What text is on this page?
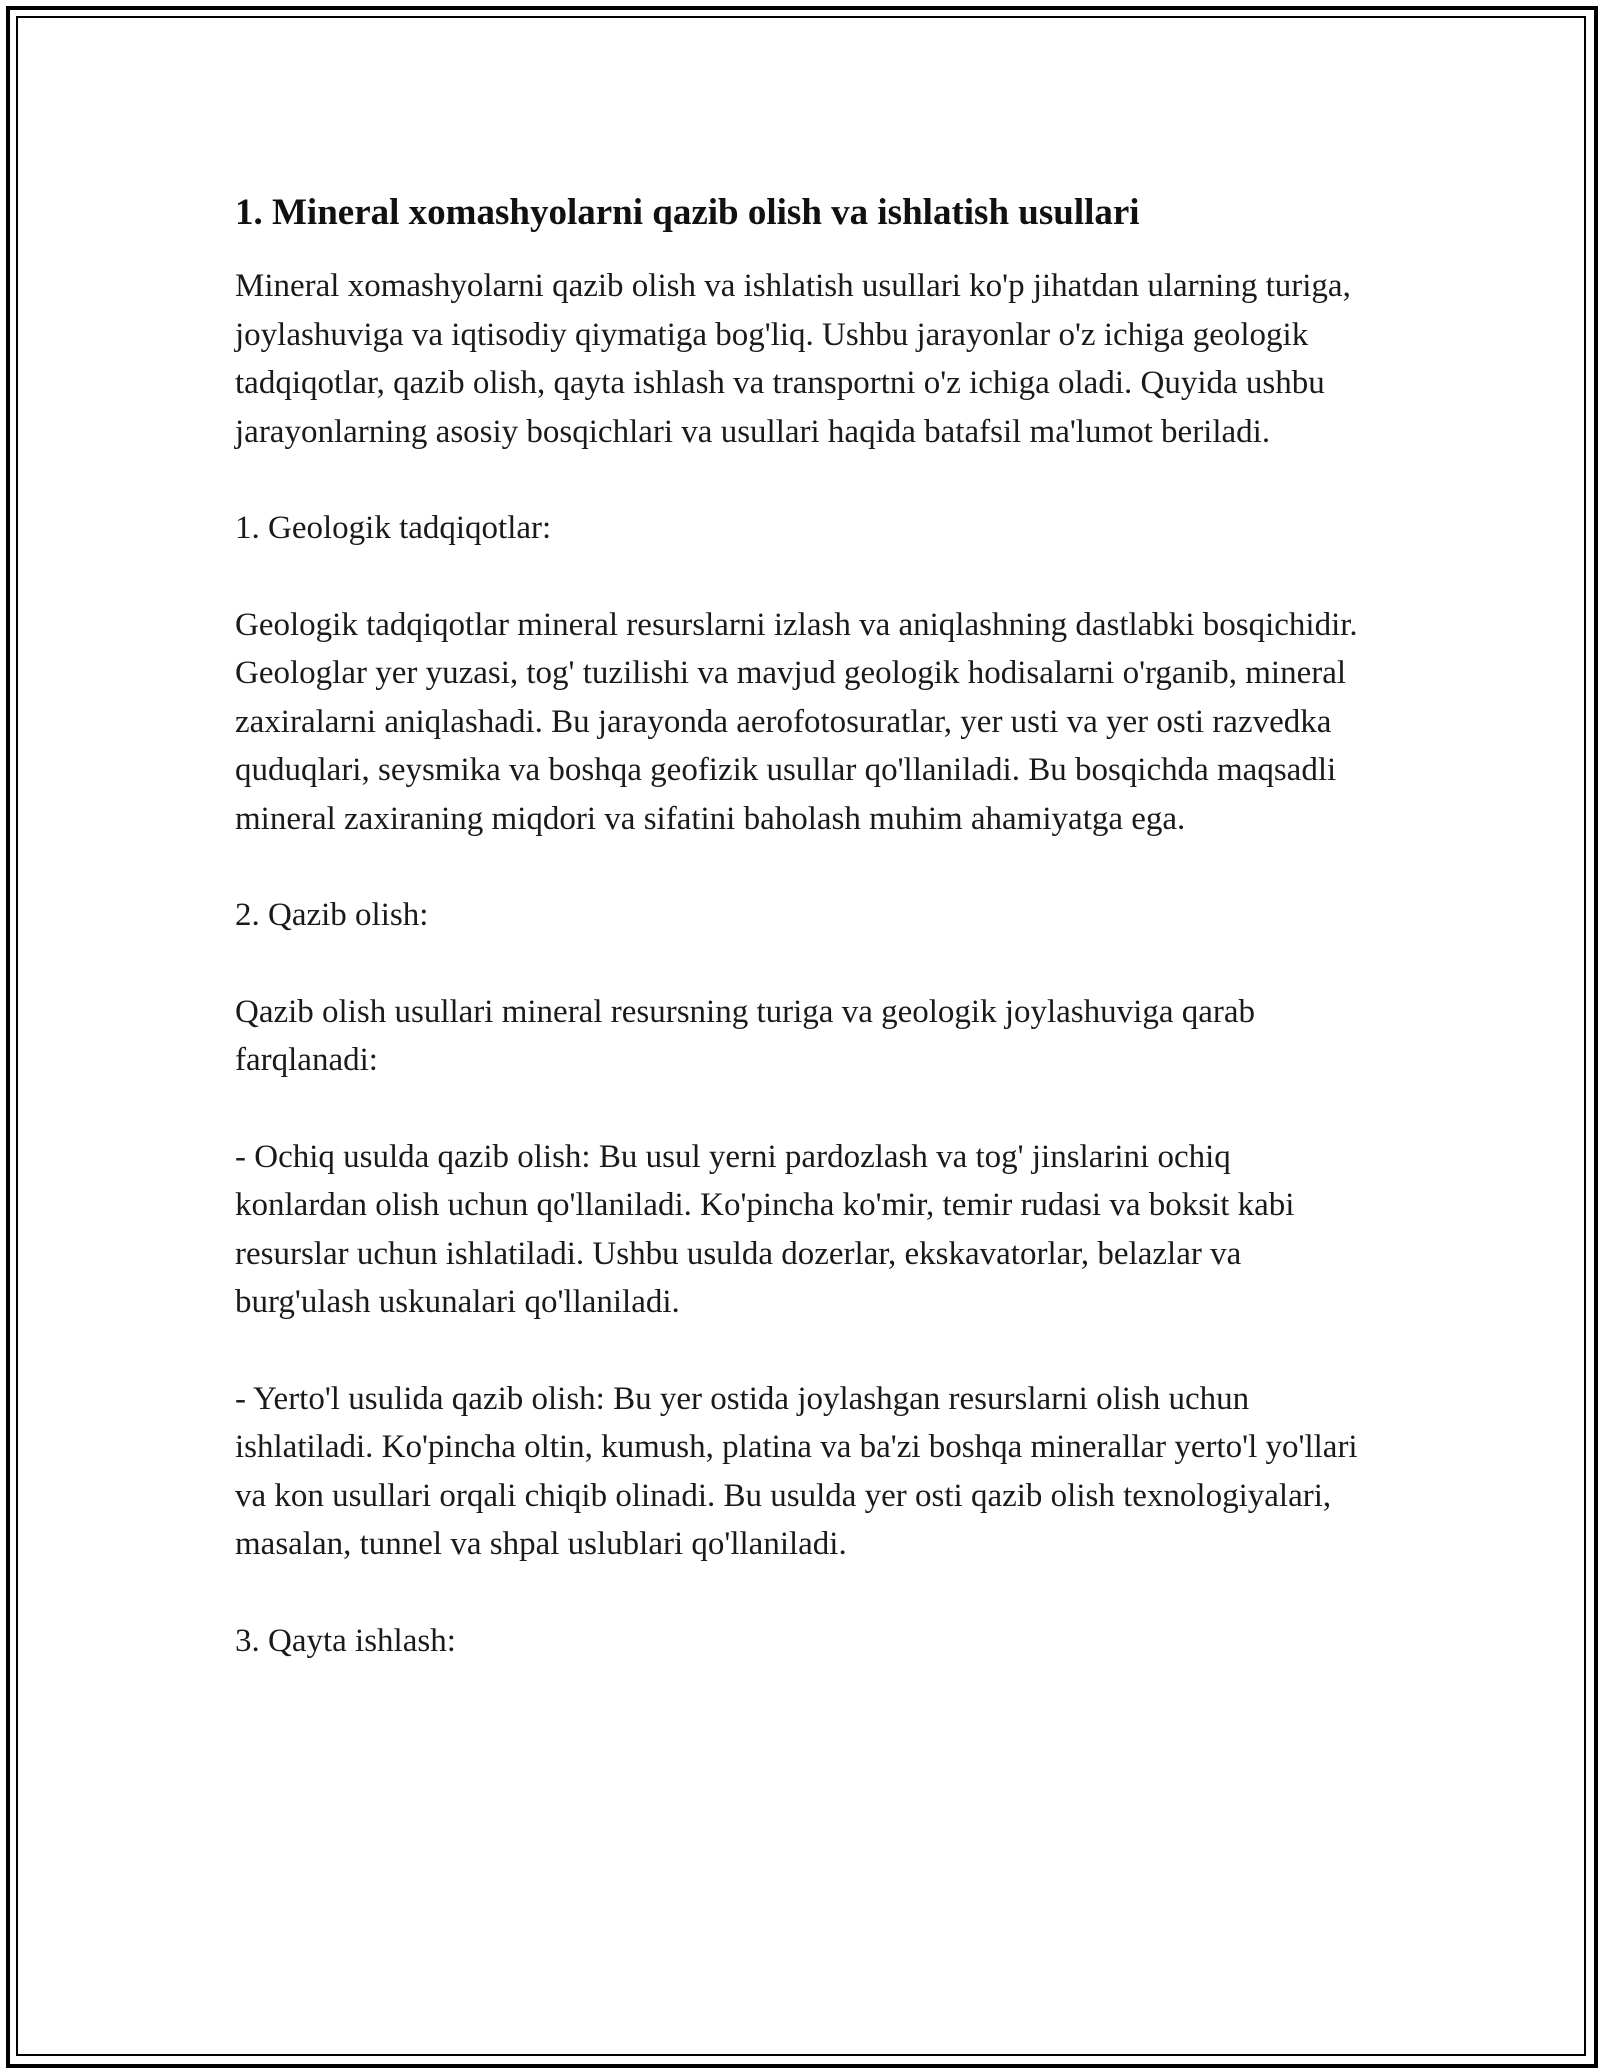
1. Mineral xomashyolarni qazib olish va ishlatish usullari

Mineral xomashyolarni qazib olish va ishlatish usullari ko'p jihatdan ularning turiga, joylashuviga va iqtisodiy qiymatiga bog'liq. Ushbu jarayonlar o'z ichiga geologik tadqiqotlar, qazib olish, qayta ishlash va transportni o'z ichiga oladi. Quyida ushbu jarayonlarning asosiy bosqichlari va usullari haqida batafsil ma'lumot beriladi.

1. Geologik tadqiqotlar:

Geologik tadqiqotlar mineral resurslarni izlash va aniqlashning dastlabki bosqichidir. Geologlar yer yuzasi, tog' tuzilishi va mavjud geologik hodisalarni o'rganib, mineral zaxiralarni aniqlashadi. Bu jarayonda aerofotosuratlar, yer usti va yer osti razvedka quduqlari, seysmika va boshqa geofizik usullar qo'llaniladi. Bu bosqichda maqsadli mineral zaxiraning miqdori va sifatini baholash muhim ahamiyatga ega.

2. Qazib olish:

Qazib olish usullari mineral resursning turiga va geologik joylashuviga qarab farqlanadi:

- Ochiq usulda qazib olish: Bu usul yerni pardozlash va tog' jinslarini ochiq konlardan olish uchun qo'llaniladi. Ko'pincha ko'mir, temir rudasi va boksit kabi resurslar uchun ishlatiladi. Ushbu usulda dozerlar, ekskavatorlar, belazlar va burg'ulash uskunalari qo'llaniladi.

- Yerto'l usulida qazib olish: Bu yer ostida joylashgan resurslarni olish uchun ishlatiladi. Ko'pincha oltin, kumush, platina va ba'zi boshqa minerallar yerto'l yo'llari va kon usullari orqali chiqib olinadi. Bu usulda yer osti qazib olish texnologiyalari, masalan, tunnel va shpal uslublari qo'llaniladi.

3. Qayta ishlash:
